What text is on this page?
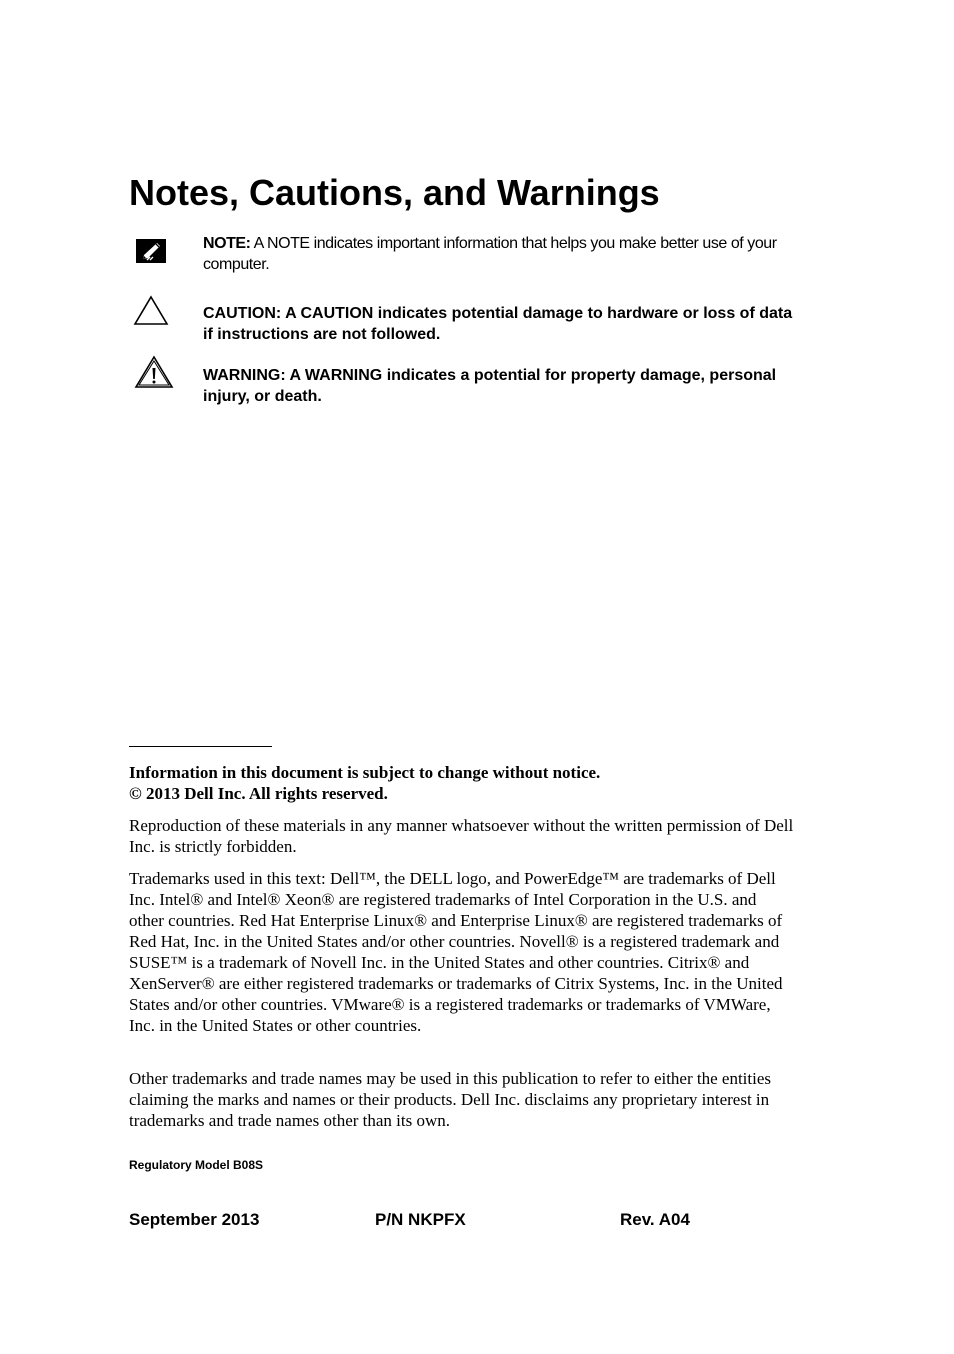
Notes, Cautions, and Warnings
NOTE: A NOTE indicates important information that helps you make better use of your computer.
CAUTION: A CAUTION indicates potential damage to hardware or loss of data if instructions are not followed.
WARNING: A WARNING indicates a potential for property damage, personal injury, or death.
Information in this document is subject to change without notice.
© 2013 Dell Inc. All rights reserved.

Reproduction of these materials in any manner whatsoever without the written permission of Dell Inc. is strictly forbidden.

Trademarks used in this text: Dell™, the DELL logo, and PowerEdge™ are trademarks of Dell Inc. Intel® and Intel® Xeon® are registered trademarks of Intel Corporation in the U.S. and other countries. Red Hat Enterprise Linux® and Enterprise Linux® are registered trademarks of Red Hat, Inc. in the United States and/or other countries. Novell® is a registered trademark and SUSE™ is a trademark of Novell Inc. in the United States and other countries. Citrix® and XenServer® are either registered trademarks or trademarks of Citrix Systems, Inc. in the United States and/or other countries. VMware® is a registered trademarks or trademarks of VMWare, Inc. in the United States or other countries.

Other trademarks and trade names may be used in this publication to refer to either the entities claiming the marks and names or their products. Dell Inc. disclaims any proprietary interest in trademarks and trade names other than its own.

Regulatory Model B08S
September 2013	P/N NKPFX	Rev. A04
